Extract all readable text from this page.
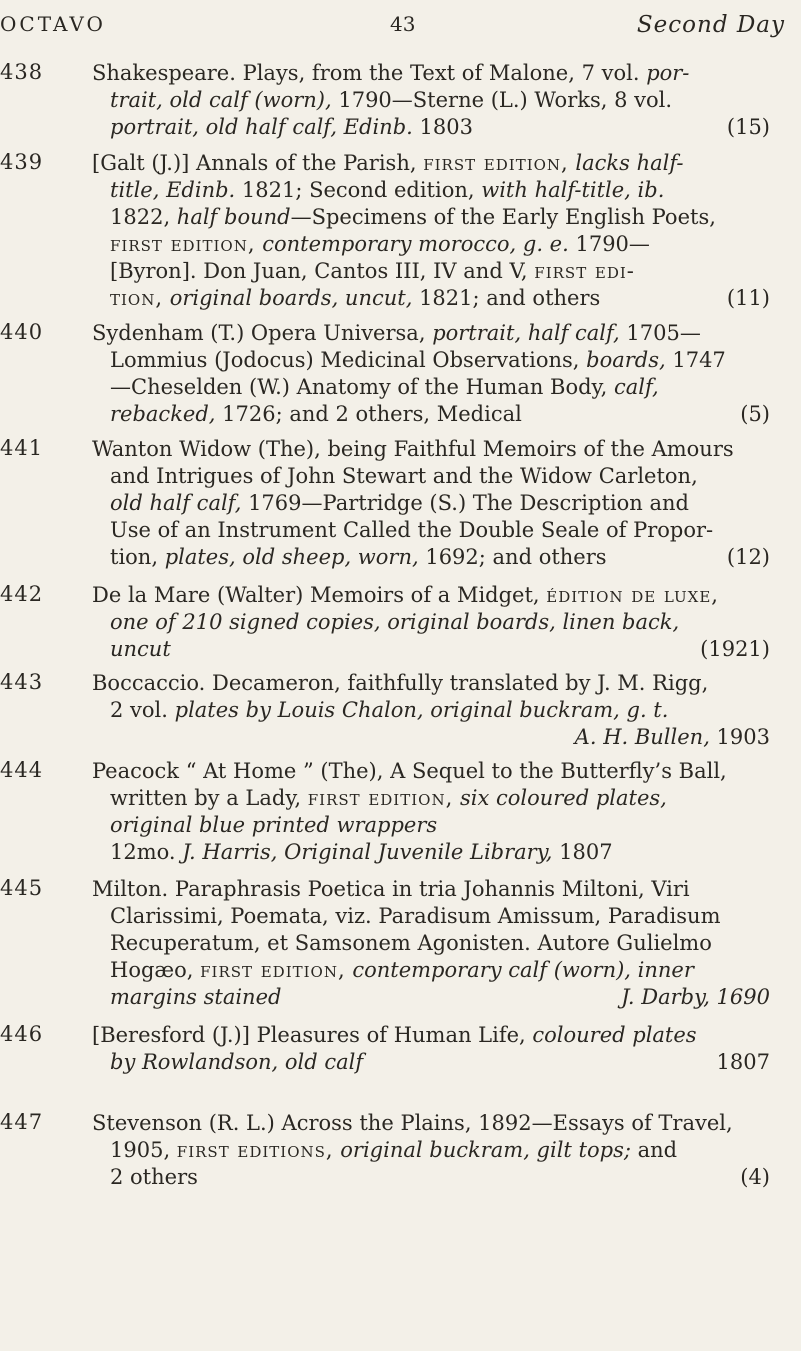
OCTAVO	43	Second Day
438 Shakespeare. Plays, from the Text of Malone, 7 vol. por-
trait, old calf (worn), 1790—Sterne (L.) Works, 8 vol.
(15)
portrait, old half calf, Edinb. 1803
439 [Galt (J.)] Annals of the Parish, first edition, lacks half-
title, Edinb. 1821; Second edition, with half-title, ib.
1822, half bound—Specimens of the Early English Poets,
first edition, contemporary morocco, g. e. 1790—
[Byron]. Don Juan, Cantos III, IV and V, first edi-
(11)
tion, original boards, uncut, 1821; and others
440 Sydenham (T.) Opera Universa, portrait, half calf, 1705—
Lommius (Jodocus) Medicinal Observations, boards, 1747
—Cheselden (W.) Anatomy of the Human Body, calf,
(5)
rebacked, 1726; and 2 others, Medical
441 Wanton Widow (The), being Faithful Memoirs of the Amours
and Intrigues of John Stewart and the Widow Carleton,
old half calf, 1769—Partridge (S.) The Description and
Use of an Instrument Called the Double Seale of Propor-
(12)
tion, plates, old sheep, worn, 1692; and others
442 De la Mare (Walter) Memoirs of a Midget, édition de luxe,
one of 210 signed copies, original boards, linen back,
(1921)
uncut
443 Boccaccio. Decameron, faithfully translated by J. M. Rigg,
2 vol. plates by Louis Chalon, original buckram, g. t.
A. H. Bullen, 1903
444 Peacock “ At Home ” (The), A Sequel to the Butterfly’s Ball,
written by a Lady, first edition, six coloured plates,
original blue printed wrappers
12mo. J. Harris, Original Juvenile Library, 1807
445 Milton. Paraphrasis Poetica in tria Johannis Miltoni, Viri
Clarissimi, Poemata, viz. Paradisum Amissum, Paradisum
Recuperatum, et Samsonem Agonisten. Autore Gulielmo
Hogæo, first edition, contemporary calf (worn), inner
J. Darby, 1690
margins stained
446 [Beresford (J.)] Pleasures of Human Life, coloured plates
1807
by Rowlandson, old calf
447 Stevenson (R. L.) Across the Plains, 1892—Essays of Travel,
1905, first editions, original buckram, gilt tops; and
(4)
2 others
